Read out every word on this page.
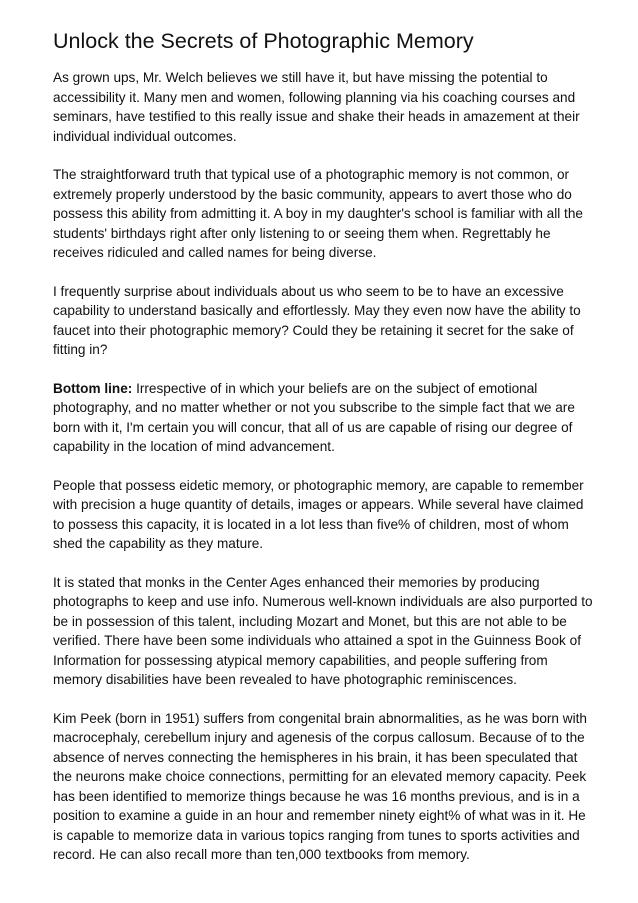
Unlock the Secrets of Photographic Memory

As grown ups, Mr. Welch believes we still have it, but have missing the potential to accessibility it. Many men and women, following planning via his coaching courses and seminars, have testified to this really issue and shake their heads in amazement at their individual individual outcomes.

The straightforward truth that typical use of a photographic memory is not common, or extremely properly understood by the basic community, appears to avert those who do possess this ability from admitting it. A boy in my daughter's school is familiar with all the students' birthdays right after only listening to or seeing them when. Regrettably he receives ridiculed and called names for being diverse.

I frequently surprise about individuals about us who seem to be to have an excessive capability to understand basically and effortlessly. May they even now have the ability to faucet into their photographic memory? Could they be retaining it secret for the sake of fitting in?

Bottom line: Irrespective of in which your beliefs are on the subject of emotional photography, and no matter whether or not you subscribe to the simple fact that we are born with it, I'm certain you will concur, that all of us are capable of rising our degree of capability in the location of mind advancement.

People that possess eidetic memory, or photographic memory, are capable to remember with precision a huge quantity of details, images or appears. While several have claimed to possess this capacity, it is located in a lot less than five% of children, most of whom shed the capability as they mature.

It is stated that monks in the Center Ages enhanced their memories by producing photographs to keep and use info. Numerous well-known individuals are also purported to be in possession of this talent, including Mozart and Monet, but this are not able to be verified. There have been some individuals who attained a spot in the Guinness Book of Information for possessing atypical memory capabilities, and people suffering from memory disabilities have been revealed to have photographic reminiscences.

Kim Peek (born in 1951) suffers from congenital brain abnormalities, as he was born with macrocephaly, cerebellum injury and agenesis of the corpus callosum. Because of to the absence of nerves connecting the hemispheres in his brain, it has been speculated that the neurons make choice connections, permitting for an elevated memory capacity. Peek has been identified to memorize things because he was 16 months previous, and is in a position to examine a guide in an hour and remember ninety eight% of what was in it. He is capable to memorize data in various topics ranging from tunes to sports activities and record. He can also recall more than ten,000 textbooks from memory.
